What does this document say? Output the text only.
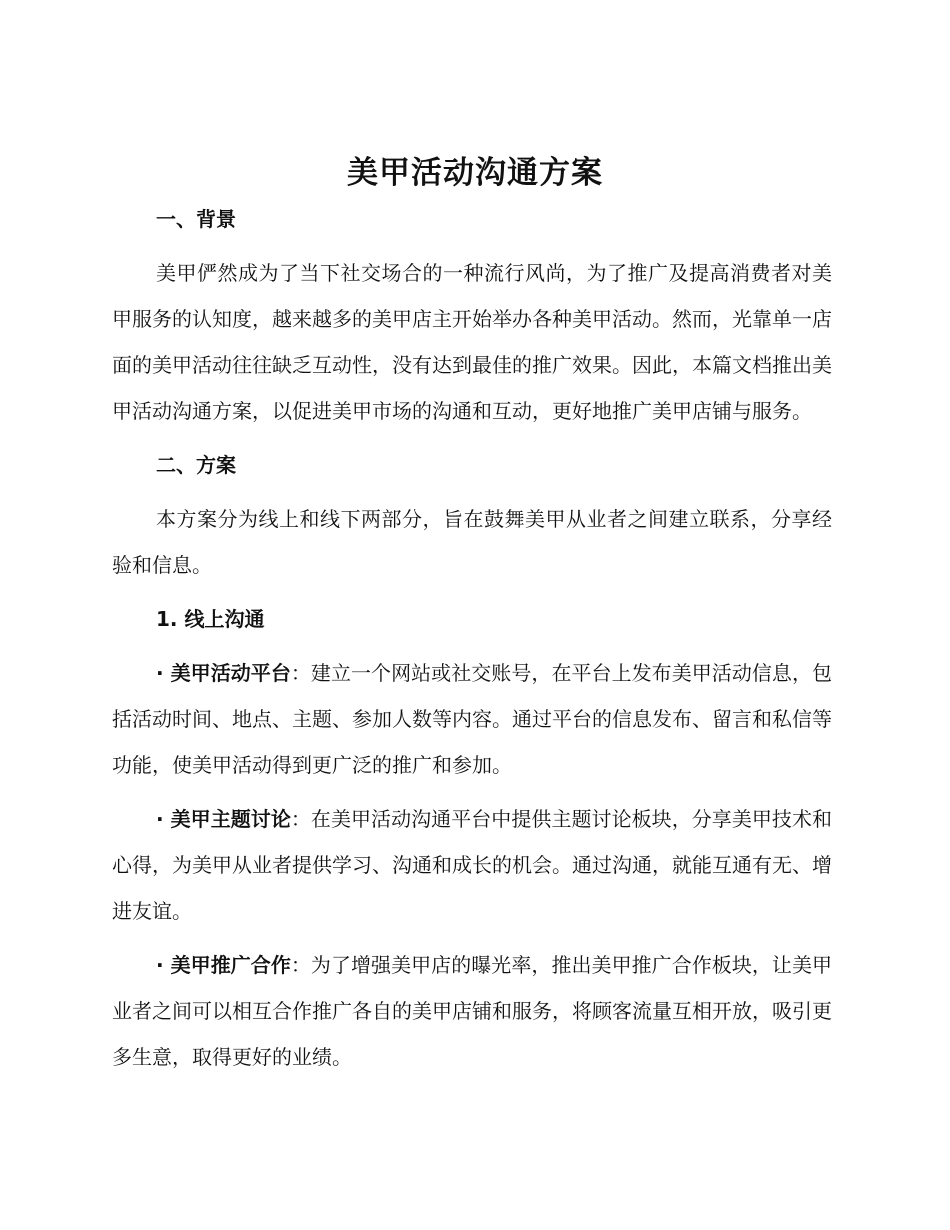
美甲活动沟通方案
一、背景

美甲俨然成为了当下社交场合的一种流行风尚，为了推广及提高消费者对美甲服务的认知度，越来越多的美甲店主开始举办各种美甲活动。然而，光靠单一店面的美甲活动往往缺乏互动性，没有达到最佳的推广效果。因此，本篇文档推出美甲活动沟通方案，以促进美甲市场的沟通和互动，更好地推广美甲店铺与服务。

二、方案

本方案分为线上和线下两部分，旨在鼓舞美甲从业者之间建立联系，分享经验和信息。

1. 线上沟通

· 美甲活动平台：建立一个网站或社交账号，在平台上发布美甲活动信息，包括活动时间、地点、主题、参加人数等内容。通过平台的信息发布、留言和私信等功能，使美甲活动得到更广泛的推广和参加。

· 美甲主题讨论：在美甲活动沟通平台中提供主题讨论板块，分享美甲技术和心得，为美甲从业者提供学习、沟通和成长的机会。通过沟通，就能互通有无、增进友谊。

· 美甲推广合作：为了增强美甲店的曝光率，推出美甲推广合作板块，让美甲业者之间可以相互合作推广各自的美甲店铺和服务，将顾客流量互相开放，吸引更多生意，取得更好的业绩。
